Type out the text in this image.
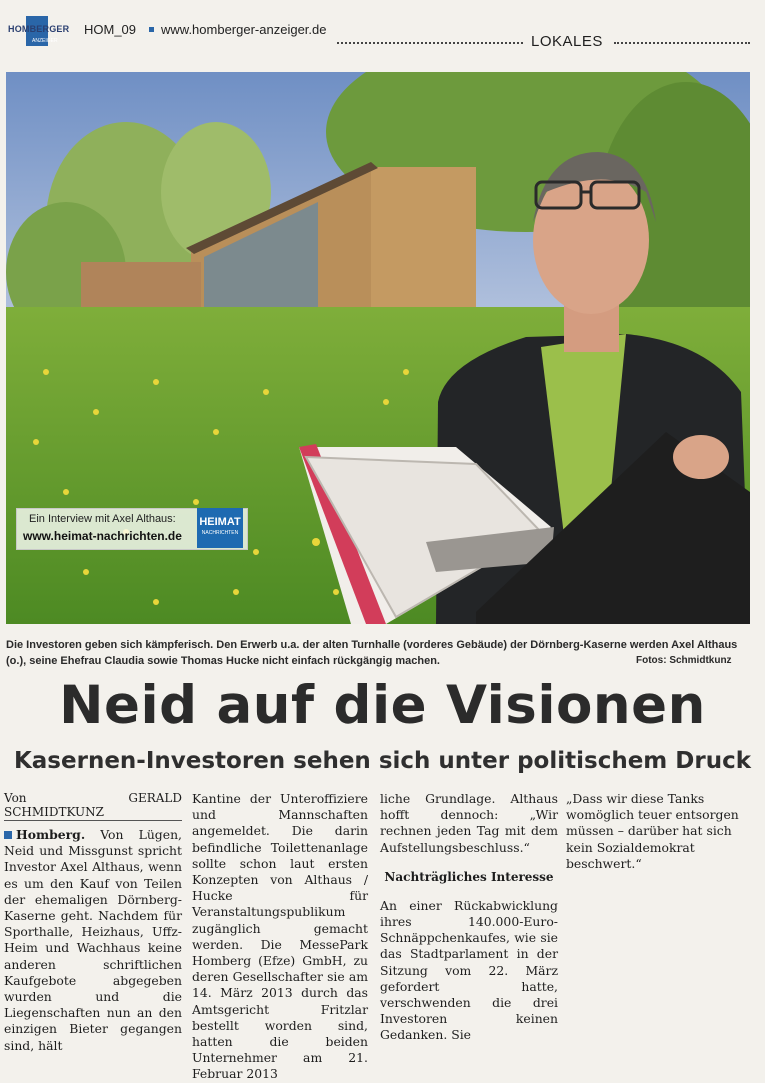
HOMBERGER
ANZEIGER
HOM_09 www.homberger-anzeiger.de
LOKALES
Ein Interview mit Axel Althaus:
www.heimat-nachrichten.de
HEIMAT
NACHRICHTEN
Die Investoren geben sich kämpferisch. Den Erwerb u.a. der alten Turnhalle (vorderes Gebäude) der Dörnberg-Kaserne werden Axel Althaus (o.), seine Ehefrau Claudia sowie Thomas Hucke nicht einfach rückgängig machen.	Fotos: Schmidtkunz
Neid auf die Visionen
Kasernen-Investoren sehen sich unter politischem Druck
Von GERALD SCHMIDTKUNZ

Homberg. Von Lügen, Neid und Missgunst spricht Investor Axel Althaus, wenn es um den Kauf von Teilen der ehemaligen Dörnberg-Kaserne geht. Nachdem für Sporthalle, Heizhaus, Uffz-Heim und Wachhaus keine anderen schriftlichen Kaufgebote abgegeben wurden und die Liegenschaften nun an den einzigen Bieter gegangen sind, hält

Kantine der Unteroffiziere und Mannschaften angemeldet. Die darin befindliche Toilettenanlage sollte schon laut ersten Konzepten von Althaus / Hucke für Veranstaltungspublikum zugänglich gemacht werden. Die MessePark Homberg (Efze) GmbH, zu deren Gesellschafter sie am 14. März 2013 durch das Amtsgericht Fritzlar bestellt worden sind, hatten die beiden Unternehmer am 21. Februar 2013

liche Grundlage. Althaus hofft dennoch: „Wir rechnen jeden Tag mit dem Aufstellungsbeschluss.“

Nachträgliches Interesse

An einer Rückabwicklung ihres 140.000-Euro-Schnäppchenkaufes, wie sie das Stadtparlament in der Sitzung vom 22. März gefordert hatte, verschwenden die drei Investoren keinen Gedanken. Sie

„Dass wir diese Tanks womöglich teuer entsorgen müssen – darüber hat sich kein Sozialdemokrat beschwert.“
